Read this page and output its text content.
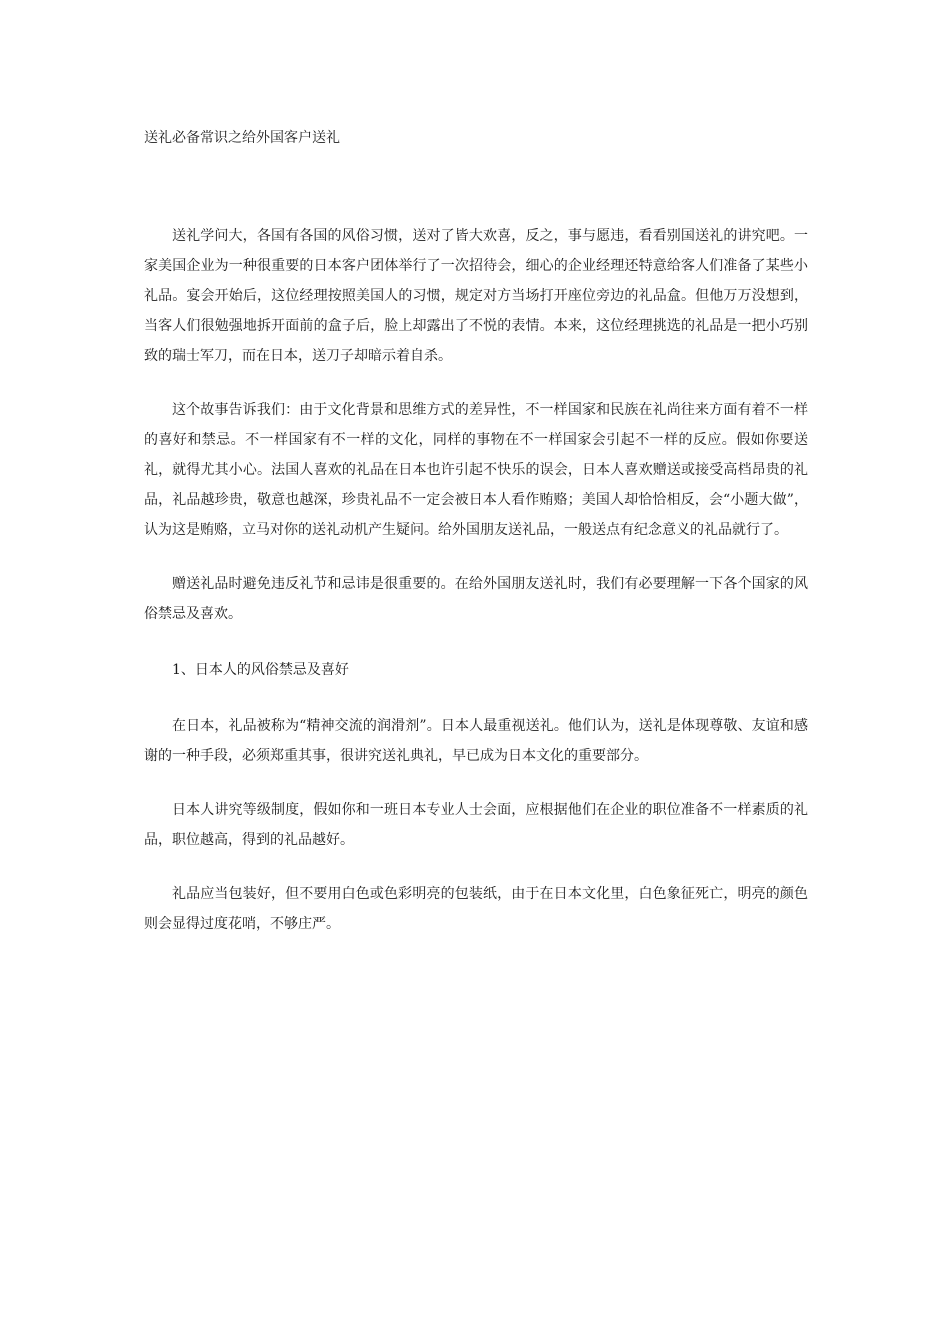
送礼必备常识之给外国客户送礼

送礼学问大，各国有各国的风俗习惯，送对了皆大欢喜，反之，事与愿违，看看别国送礼的讲究吧。一家美国企业为一种很重要的日本客户团体举行了一次招待会，细心的企业经理还特意给客人们准备了某些小礼品。宴会开始后，这位经理按照美国人的习惯，规定对方当场打开座位旁边的礼品盒。但他万万没想到，当客人们很勉强地拆开面前的盒子后，脸上却露出了不悦的表情。本来，这位经理挑选的礼品是一把小巧别致的瑞士军刀，而在日本，送刀子却暗示着自杀。

这个故事告诉我们：由于文化背景和思维方式的差异性，不一样国家和民族在礼尚往来方面有着不一样的喜好和禁忌。不一样国家有不一样的文化，同样的事物在不一样国家会引起不一样的反应。假如你要送礼，就得尤其小心。法国人喜欢的礼品在日本也许引起不快乐的误会，日本人喜欢赠送或接受高档昂贵的礼品，礼品越珍贵，敬意也越深，珍贵礼品不一定会被日本人看作贿赂；美国人却恰恰相反，会“小题大做”，认为这是贿赂，立马对你的送礼动机产生疑问。给外国朋友送礼品，一般送点有纪念意义的礼品就行了。

赠送礼品时避免违反礼节和忌讳是很重要的。在给外国朋友送礼时，我们有必要理解一下各个国家的风俗禁忌及喜欢。

1、日本人的风俗禁忌及喜好

在日本，礼品被称为“精神交流的润滑剂”。日本人最重视送礼。他们认为，送礼是体现尊敬、友谊和感谢的一种手段，必须郑重其事，很讲究送礼典礼，早已成为日本文化的重要部分。

日本人讲究等级制度，假如你和一班日本专业人士会面，应根据他们在企业的职位准备不一样素质的礼品，职位越高，得到的礼品越好。

礼品应当包装好，但不要用白色或色彩明亮的包装纸，由于在日本文化里，白色象征死亡，明亮的颜色则会显得过度花哨，不够庄严。
